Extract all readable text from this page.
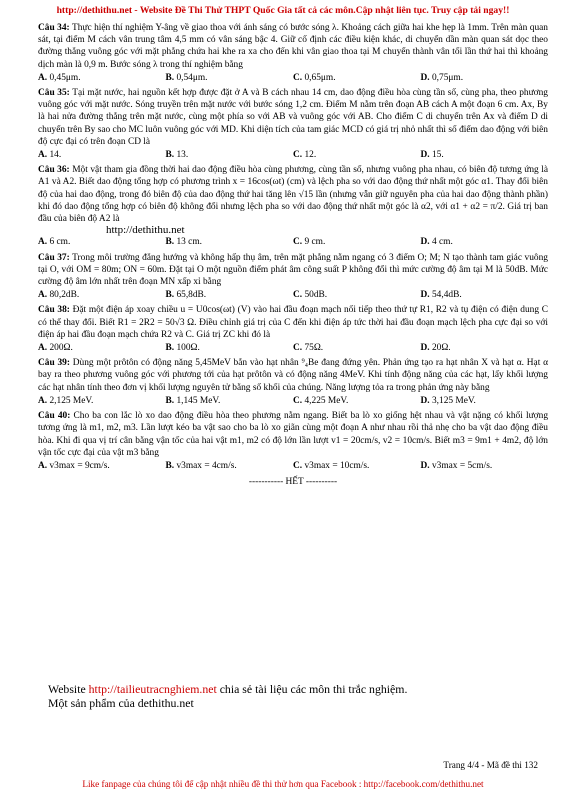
http://dethithu.net - Website Đề Thi Thử THPT Quốc Gia tất cả các môn.Cập nhật liên tục. Truy cập tải ngay!!

Câu 34: Thực hiện thí nghiệm Y-âng về giao thoa với ánh sáng có bước sóng λ. Khoảng cách giữa hai khe hẹp là 1mm. Trên màn quan sát, tại điểm M cách vân trung tâm 4,5 mm có vân sáng bậc 4. Giữ cố định các điều kiện khác, di chuyển dần màn quan sát dọc theo đường thẳng vuông góc với mặt phẳng chứa hai khe ra xa cho đến khi vân giao thoa tại M chuyển thành vân tối lần thứ hai thì khoảng dịch màn là 0,9 m. Bước sóng λ trong thí nghiệm bằng

A. 0,45μm.	B. 0,54μm.	C. 0,65μm.	D. 0,75μm.

Câu 35: Tại mặt nước, hai nguồn kết hợp được đặt ở A và B cách nhau 14 cm, dao động điều hòa cùng tần số, cùng pha, theo phương vuông góc với mặt nước. Sóng truyền trên mặt nước với bước sóng 1,2 cm. Điểm M nằm trên đoạn AB cách A một đoạn 6 cm. Ax, By là hai nửa đường thẳng trên mặt nước, cùng một phía so với AB và vuông góc với AB. Cho điểm C di chuyển trên Ax và điểm D di chuyển trên By sao cho MC luôn vuông góc với MD. Khi diện tích của tam giác MCD có giá trị nhỏ nhất thì số điểm dao động với biên độ cực đại có trên đoạn CD là

A. 14.	B. 13.	C. 12.	D. 15.

Câu 36: Một vật tham gia đồng thời hai dao động điều hòa cùng phương, cùng tần số, nhưng vuông pha nhau, có biên độ tương ứng là A1 và A2. Biết dao động tổng hợp có phương trình x = 16cos(ωt) (cm) và lệch pha so với dao động thứ nhất một góc α1. Thay đổi biên độ của hai dao động, trong đó biên độ của dao động thứ hai tăng lên √15 lần (nhưng vẫn giữ nguyên pha của hai dao động thành phần) khi đó dao động tổng hợp có biên độ không đổi nhưng lệch pha so với dao động thứ nhất một góc là α2, với α1 + α2 = π/2. Giá trị ban đầu của biên độ A2 là

http://dethithu.net
A. 6 cm.	B. 13 cm.	C. 9 cm.	D. 4 cm.

Câu 37: Trong môi trường đẳng hướng và không hấp thụ âm, trên mặt phẳng nằm ngang có 3 điểm O; M; N tạo thành tam giác vuông tại O, với OM = 80m; ON = 60m. Đặt tại O một nguồn điểm phát âm công suất P không đổi thì mức cường độ âm tại M là 50dB. Mức cường độ âm lớn nhất trên đoạn MN xấp xỉ bằng

A. 80,2dB.	B. 65,8dB.	C. 50dB.	D. 54,4dB.

Câu 38: Đặt một điện áp xoay chiều u = U0cos(ωt) (V) vào hai đầu đoạn mạch nối tiếp theo thứ tự R1, R2 và tụ điện có điện dung C có thể thay đổi. Biết R1 = 2R2 = 50√3 Ω. Điều chỉnh giá trị của C đến khi điện áp tức thời hai đầu đoạn mạch lệch pha cực đại so với điện áp hai đầu đoạn mạch chứa R2 và C. Giá trị ZC khi đó là

A. 200Ω.	B. 100Ω.	C. 75Ω.	D. 20Ω.

Câu 39: Dùng một prôtôn có động năng 5,45MeV bắn vào hạt nhân ⁹₄Be đang đứng yên. Phản ứng tạo ra hạt nhân X và hạt α. Hạt α bay ra theo phương vuông góc với phương tới của hạt prôtôn và có động năng 4MeV. Khi tính động năng của các hạt, lấy khối lượng các hạt nhân tính theo đơn vị khối lượng nguyên tử bằng số khối của chúng. Năng lượng tỏa ra trong phản ứng này bằng

A. 2,125 MeV.	B. 1,145 MeV.	C. 4,225 MeV.	D. 3,125 MeV.

Câu 40: Cho ba con lắc lò xo dao động điều hòa theo phương nằm ngang. Biết ba lò xo giống hệt nhau và vật nặng có khối lượng tương ứng là m1, m2, m3. Lần lượt kéo ba vật sao cho ba lò xo giãn cùng một đoạn A như nhau rồi thả nhẹ cho ba vật dao động điều hòa. Khi đi qua vị trí cân bằng vận tốc của hai vật m1, m2 có độ lớn lần lượt v1 = 20cm/s, v2 = 10cm/s. Biết m3 = 9m1 + 4m2, độ lớn vận tốc cực đại của vật m3 bằng

A. v3max = 9cm/s.	B. v3max = 4cm/s.	C. v3max = 10cm/s.	D. v3max = 5cm/s.
----------- HẾT ----------
Website http://tailieutracnghiem.net chia sẻ tài liệu các môn thi trắc nghiệm.
Một sản phẩm của dethithu.net
Trang 4/4 - Mã đề thi 132
Like fanpage của chúng tôi để cập nhật nhiều đề thi thử hơn qua Facebook : http://facebook.com/dethithu.net
